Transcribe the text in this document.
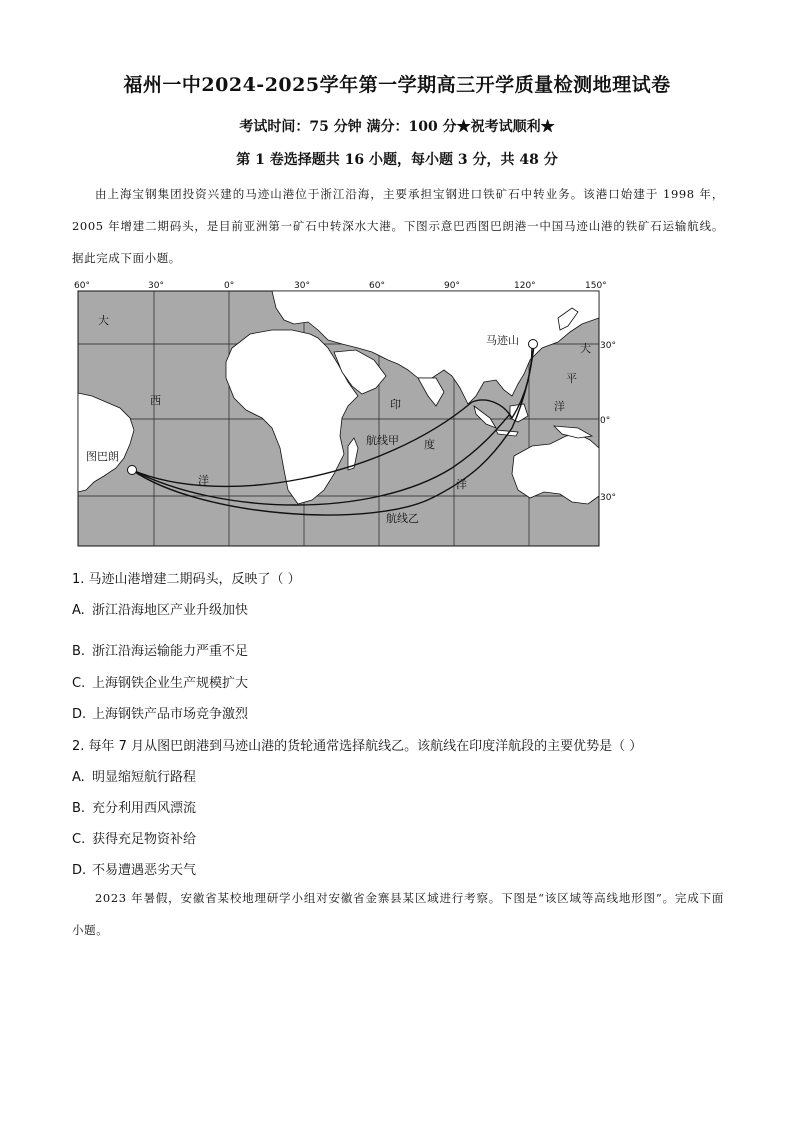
福州一中2024-2025学年第一学期高三开学质量检测地理试卷
考试时间：75 分钟 满分：100 分★祝考试顺利★
第 1 卷选择题共 16 小题，每小题 3 分，共 48 分
由上海宝钢集团投资兴建的马迹山港位于浙江沿海，主要承担宝钢进口铁矿石中转业务。该港口始建于 1998 年，2005 年增建二期码头，是目前亚洲第一矿石中转深水大港。下图示意巴西图巴朗港一中国马迹山港的铁矿石运输航线。据此完成下面小题。
60°	30°	0°	30°	60°	90°	120°	150°
30°
0°
30°
大
西
洋
印
度
洋
大
平
洋
图巴朗
马迹山
航线甲
航线乙
1. 马迹山港增建二期码头，反映了（ ）
A. 浙江沿海地区产业升级加快
B. 浙江沿海运输能力严重不足
C. 上海钢铁企业生产规模扩大
D. 上海钢铁产品市场竞争激烈
2. 每年 7 月从图巴朗港到马迹山港的货轮通常选择航线乙。该航线在印度洋航段的主要优势是（ ）
A. 明显缩短航行路程
B. 充分利用西风漂流
C. 获得充足物资补给
D. 不易遭遇恶劣天气
2023 年暑假，安徽省某校地理研学小组对安徽省金寨县某区域进行考察。下图是“该区域等高线地形图”。完成下面小题。
